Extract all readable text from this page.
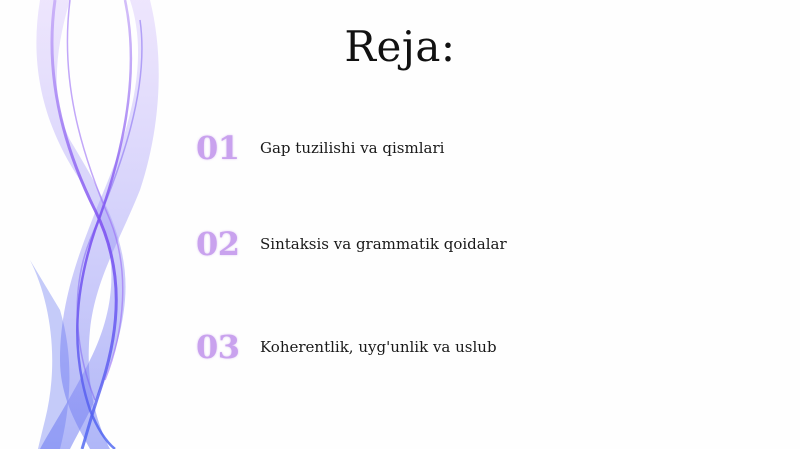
Reja:
01	Gap tuzilishi va qismlari
02	Sintaksis va grammatik qoidalar
03	Koherentlik, uyg'unlik va uslub
